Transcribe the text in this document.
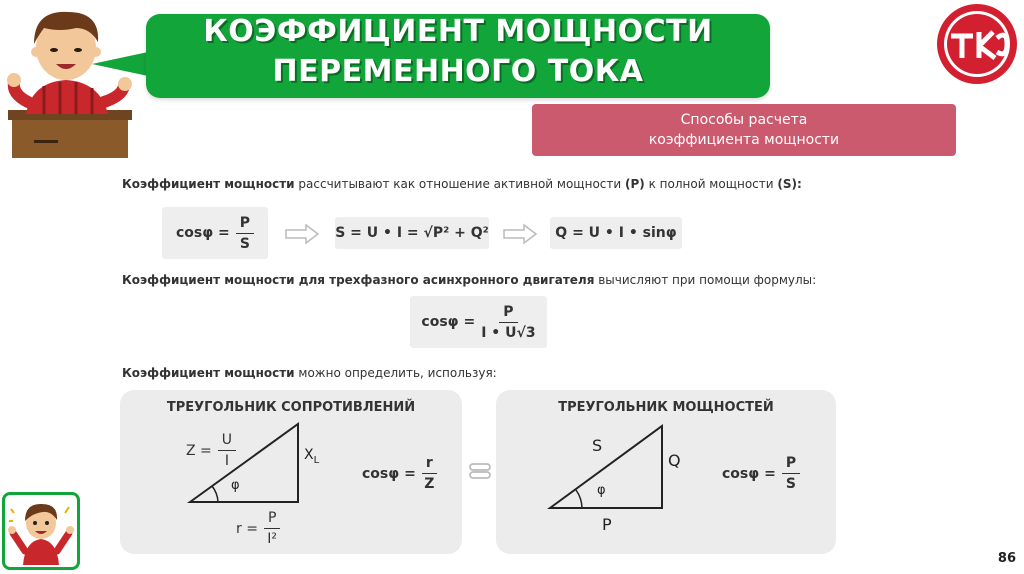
КОЭФФИЦИЕНТ МОЩНОСТИ
ПЕРЕМЕННОГО ТОКА
Способы расчета
коэффициента мощности
Коэффициент мощности рассчитывают как отношение активной мощности (Р) к полной мощности (S):
$\cos\varphi = \frac{P}{S}$	S = U • I = √P² + Q²	Q = U • I • sinφ
Коэффициент мощности для трехфазного асинхронного двигателя вычисляют при помощи формулы:
$\cos\varphi = \frac{P}{I • U√3}$
Коэффициент мощности можно определить, используя:
ТРЕУГОЛЬНИК СОПРОТИВЛЕНИЙ
φ
$X_L$
$Z = \frac{U}{I}$
$r = \frac{P}{\text{I²}}$
$\cos\varphi = \frac{r}{Z}$
ТРЕУГОЛЬНИК МОЩНОСТЕЙ
S
Q
P
φ
$\cos\varphi = \frac{P}{S}$
86
